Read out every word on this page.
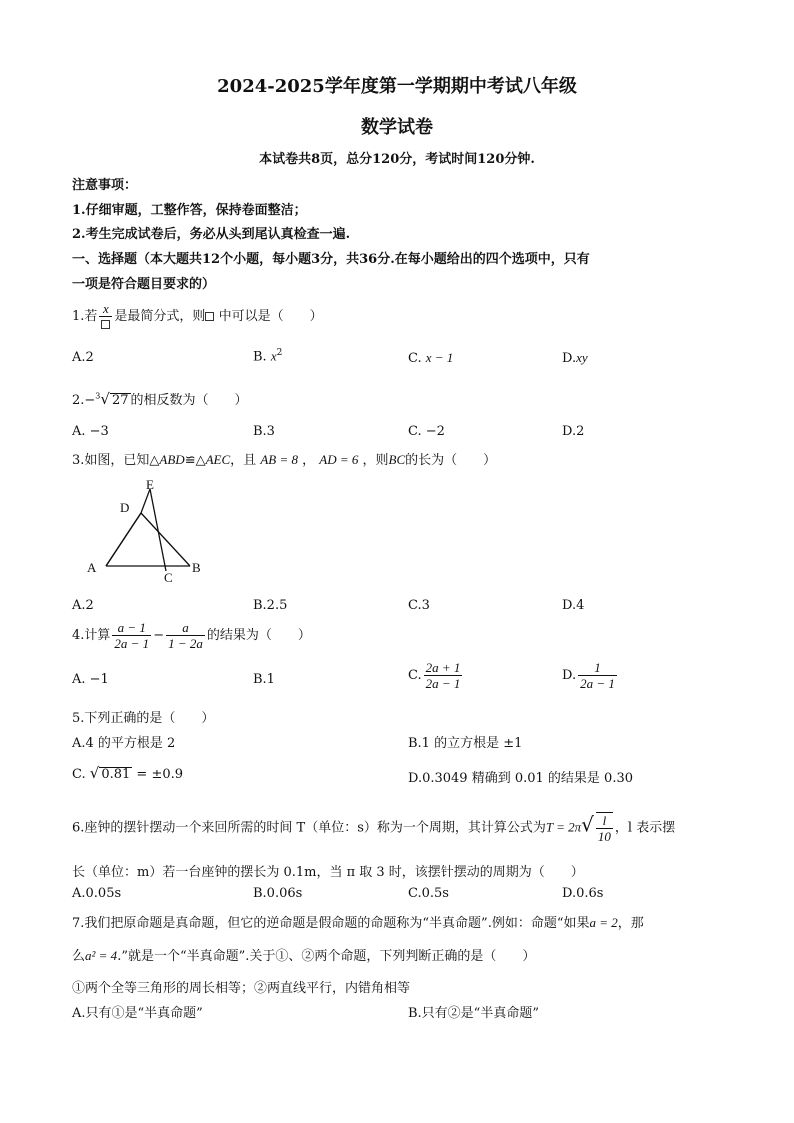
2024-2025学年度第一学期期中考试八年级
数学试卷
本试卷共8页，总分120分，考试时间120分钟.
注意事项：
1.仔细审题，工整作答，保持卷面整洁；
2.考生完成试卷后，务必从头到尾认真检查一遍.
一、选择题（本大题共12个小题，每小题3分，共36分.在每小题给出的四个选项中，只有
一项是符合题目要求的）
1.若
x
是最简分式，则 中可以是（　　）
A.2	B. $x^2$	C. x − 1	D.xy
2.−$^3$√ 27 的相反数为（　　）
A. −3	B.3	C. −2	D.2
3.如图，已知△ABD≌△AEC，且 AB = 8 ， AD = 6 ，则BC的长为（　　）
A	B
C
D
E
A.2	B.2.5	C.3	D.4
4.计算 $\frac{a - 1}{2a - 1} - \frac{a}{1 - 2a}$ 的结果为（　　）
A. −1	B.1	C. $\frac{2a + 1}{2a - 1}$	D. $\frac{1}{2a - 1}$
5.下列正确的是（　　）
A.4 的平方根是 2	B.1 的立方根是 ±1
C. √ 0.81 = ±0.9	D.0.3049 精确到 0.01 的结果是 0.30
6.座钟的摆针摆动一个来回所需的时间 T（单位：s）称为一个周期，其计算公式为$T = 2\pi√ \frac{l}{10}$ ，l 表示摆
长（单位：m）若一台座钟的摆长为 0.1m，当 π 取 3 时，该摆针摆动的周期为（　　）
A.0.05s	B.0.06s	C.0.5s	D.0.6s
7.我们把原命题是真命题，但它的逆命题是假命题的命题称为“半真命题”.例如：命题“如果a = 2，那
么a² = 4.”就是一个“半真命题”.关于①、②两个命题，下列判断正确的是（　　）
①两个全等三角形的周长相等；②两直线平行，内错角相等
A.只有①是“半真命题”	B.只有②是“半真命题”
